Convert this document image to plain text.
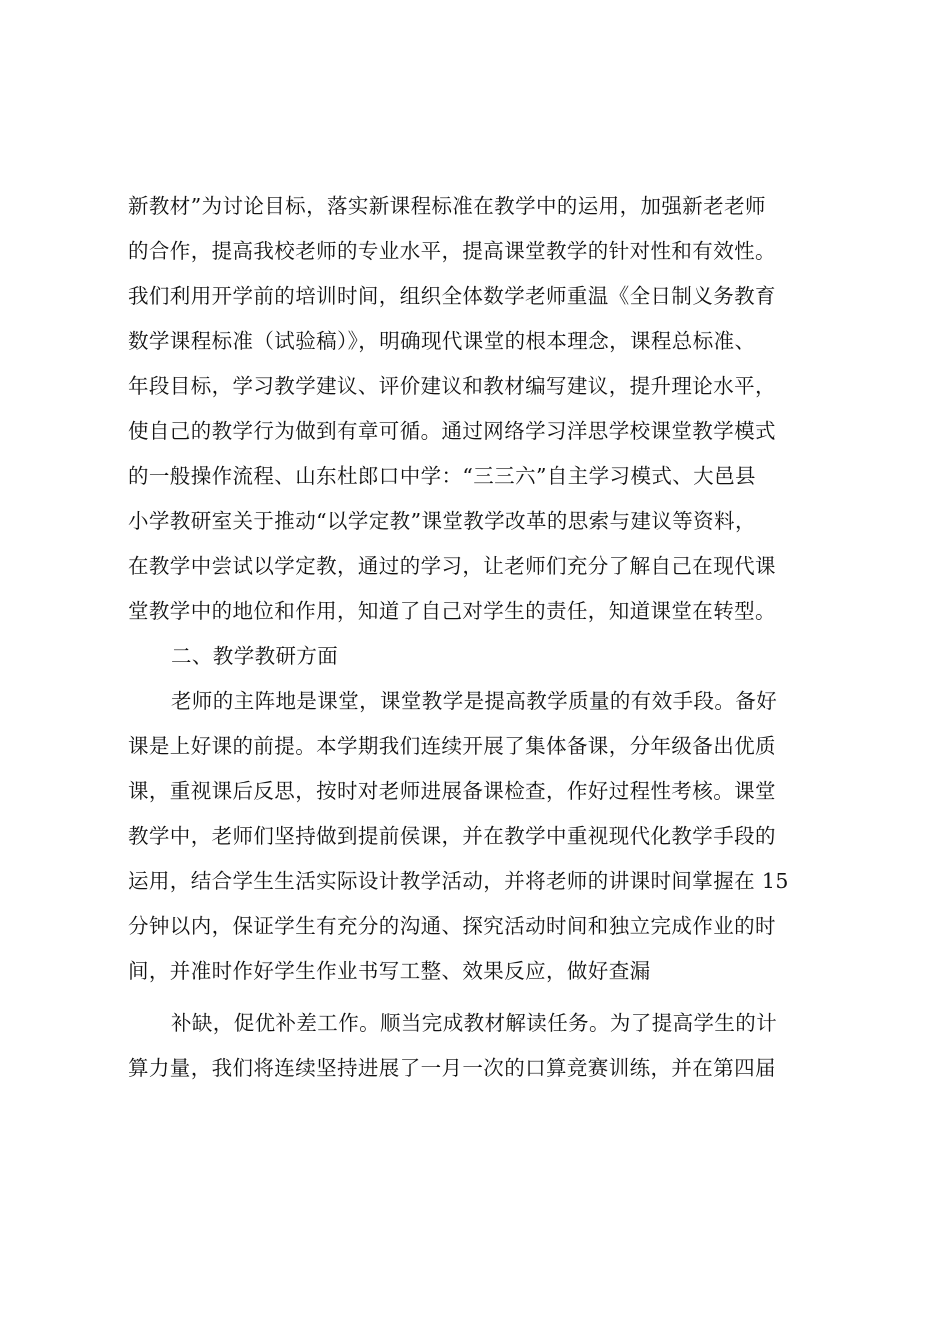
新教材”为讨论目标，落实新课程标准在教学中的运用，加强新老老师
的合作，提高我校老师的专业水平，提高课堂教学的针对性和有效性。
我们利用开学前的培训时间，组织全体数学老师重温《全日制义务教育
数学课程标准（试验稿）》，明确现代课堂的根本理念，课程总标准、
年段目标，学习教学建议、评价建议和教材编写建议，提升理论水平，
使自己的教学行为做到有章可循。通过网络学习洋思学校课堂教学模式
的一般操作流程、山东杜郎口中学：“三三六”自主学习模式、大邑县
小学教研室关于推动“以学定教”课堂教学改革的思索与建议等资料，
在教学中尝试以学定教，通过的学习，让老师们充分了解自己在现代课
堂教学中的地位和作用，知道了自己对学生的责任，知道课堂在转型。
二、教学教研方面
老师的主阵地是课堂，课堂教学是提高教学质量的有效手段。备好
课是上好课的前提。本学期我们连续开展了集体备课，分年级备出优质
课，重视课后反思，按时对老师进展备课检查，作好过程性考核。课堂
教学中，老师们坚持做到提前侯课，并在教学中重视现代化教学手段的
运用，结合学生生活实际设计教学活动，并将老师的讲课时间掌握在 15
分钟以内，保证学生有充分的沟通、探究活动时间和独立完成作业的时
间，并准时作好学生作业书写工整、效果反应，做好查漏
补缺，促优补差工作。顺当完成教材解读任务。为了提高学生的计
算力量，我们将连续坚持进展了一月一次的口算竞赛训练，并在第四届
